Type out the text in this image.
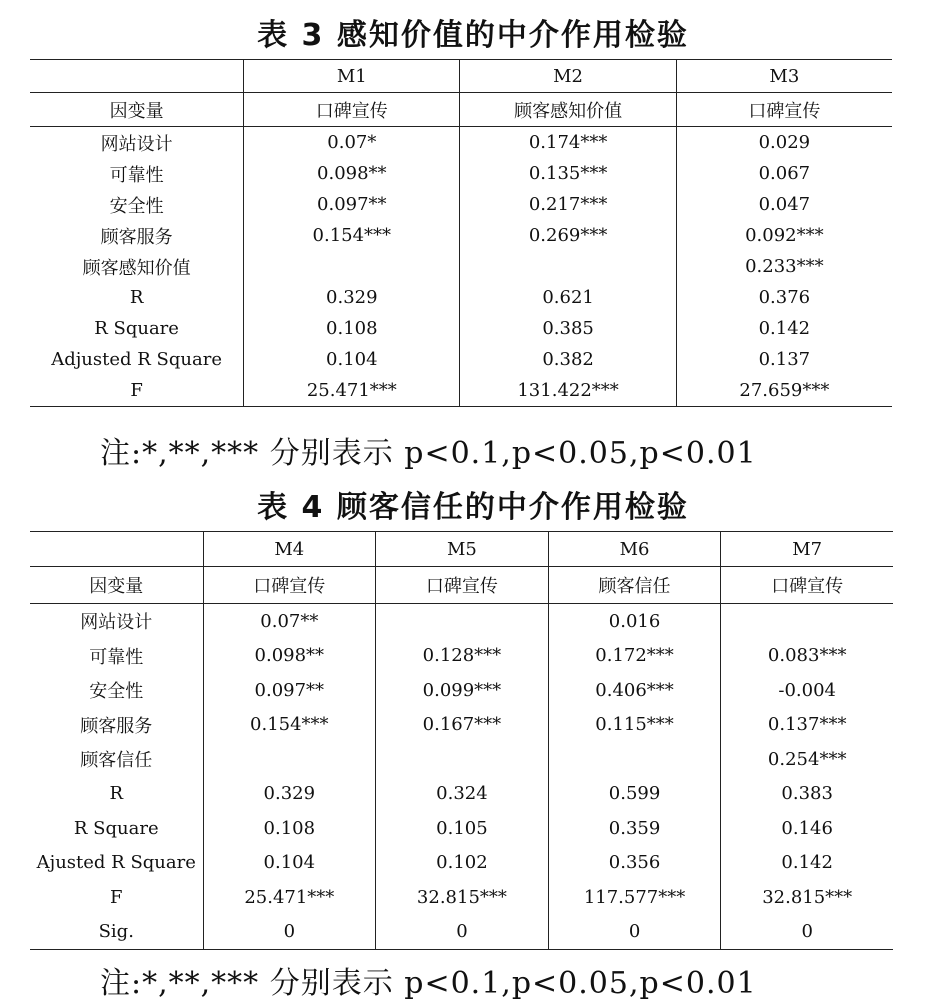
表 3 感知价值的中介作用检验
	M1	M2	M3
因变量	口碑宣传	顾客感知价值	口碑宣传
网站设计	0.07*	0.174***	0.029
可靠性	0.098**	0.135***	0.067
安全性	0.097**	0.217***	0.047
顾客服务	0.154***	0.269***	0.092***
顾客感知价值			0.233***
R	0.329	0.621	0.376
R Square	0.108	0.385	0.142
Adjusted R Square	0.104	0.382	0.137
F	25.471***	131.422***	27.659***
注:*,**,*** 分别表示 p<0.1,p<0.05,p<0.01
表 4 顾客信任的中介作用检验
	M4	M5	M6	M7
因变量	口碑宣传	口碑宣传	顾客信任	口碑宣传
网站设计	0.07**		0.016	
可靠性	0.098**	0.128***	0.172***	0.083***
安全性	0.097**	0.099***	0.406***	-0.004
顾客服务	0.154***	0.167***	0.115***	0.137***
顾客信任				0.254***
R	0.329	0.324	0.599	0.383
R Square	0.108	0.105	0.359	0.146
Ajusted R Square	0.104	0.102	0.356	0.142
F	25.471***	32.815***	117.577***	32.815***
Sig.	0	0	0	0
注:*,**,*** 分别表示 p<0.1,p<0.05,p<0.01
